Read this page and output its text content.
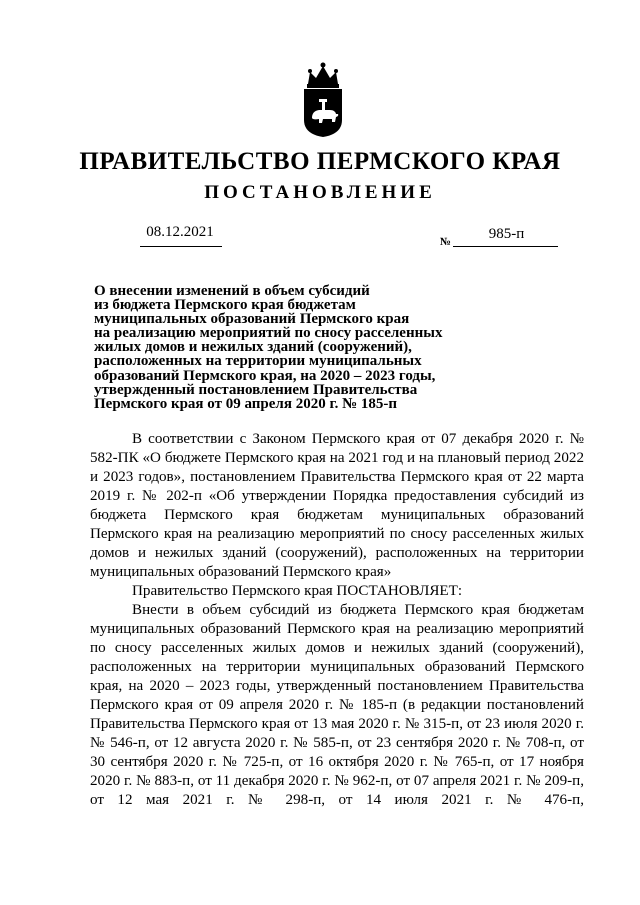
ПРАВИТЕЛЬСТВО ПЕРМСКОГО КРАЯ
ПОСТАНОВЛЕНИЕ
08.12.2021
№	985-п
О внесении изменений в объем субсидий
из бюджета Пермского края бюджетам
муниципальных образований Пермского края
на реализацию мероприятий по сносу расселенных
жилых домов и нежилых зданий (сооружений),
расположенных на территории муниципальных
образований Пермского края, на 2020 – 2023 годы,
утвержденный постановлением Правительства
Пермского края от 09 апреля 2020 г. № 185-п

В соответствии с Законом Пермского края от 07 декабря 2020 г. № 582-ПК «О бюджете Пермского края на 2021 год и на плановый период 2022 и 2023 годов», постановлением Правительства Пермского края от 22 марта 2019 г. № 202-п «Об утверждении Порядка предоставления субсидий из бюджета Пермского края бюджетам муниципальных образований Пермского края на реализацию мероприятий по сносу расселенных жилых домов и нежилых зданий (сооружений), расположенных на территории муниципальных образований Пермского края»

Правительство Пермского края ПОСТАНОВЛЯЕТ:

Внести в объем субсидий из бюджета Пермского края бюджетам муниципальных образований Пермского края на реализацию мероприятий по сносу расселенных жилых домов и нежилых зданий (сооружений), расположенных на территории муниципальных образований Пермского края, на 2020 – 2023 годы, утвержденный постановлением Правительства Пермского края от 09 апреля 2020 г. № 185-п (в редакции постановлений Правительства Пермского края от 13 мая 2020 г. № 315-п, от 23 июля 2020 г. № 546-п, от 12 августа 2020 г. № 585-п, от 23 сентября 2020 г. № 708-п, от 30 сентября 2020 г. № 725-п, от 16 октября 2020 г. № 765-п, от 17 ноября 2020 г. № 883-п, от 11 декабря 2020 г. № 962-п, от 07 апреля 2021 г. № 209-п, от 12 мая 2021 г. № 298-п, от 14 июля 2021 г. № 476-п,
